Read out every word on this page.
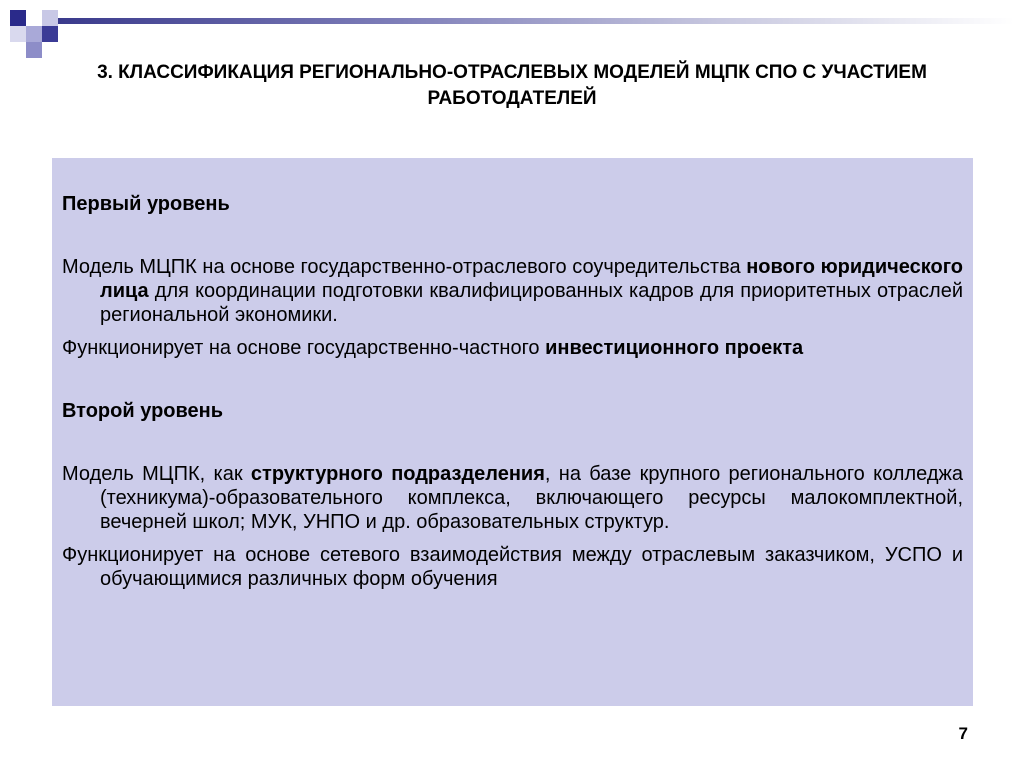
3. КЛАССИФИКАЦИЯ РЕГИОНАЛЬНО-ОТРАСЛЕВЫХ МОДЕЛЕЙ МЦПК СПО С УЧАСТИЕМ РАБОТОДАТЕЛЕЙ

Первый уровень

Модель МЦПК на основе государственно-отраслевого соучредительства нового юридического лица для координации подготовки квалифицированных кадров для приоритетных отраслей региональной экономики.

Функционирует на основе государственно-частного инвестиционного проекта

Второй уровень

Модель МЦПК, как структурного подразделения, на базе крупного регионального колледжа (техникума)-образовательного комплекса, включающего ресурсы малокомплектной, вечерней школ; МУК, УНПО и др. образовательных структур.

Функционирует на основе сетевого взаимодействия между отраслевым заказчиком, УСПО и обучающимися различных форм обучения

7
